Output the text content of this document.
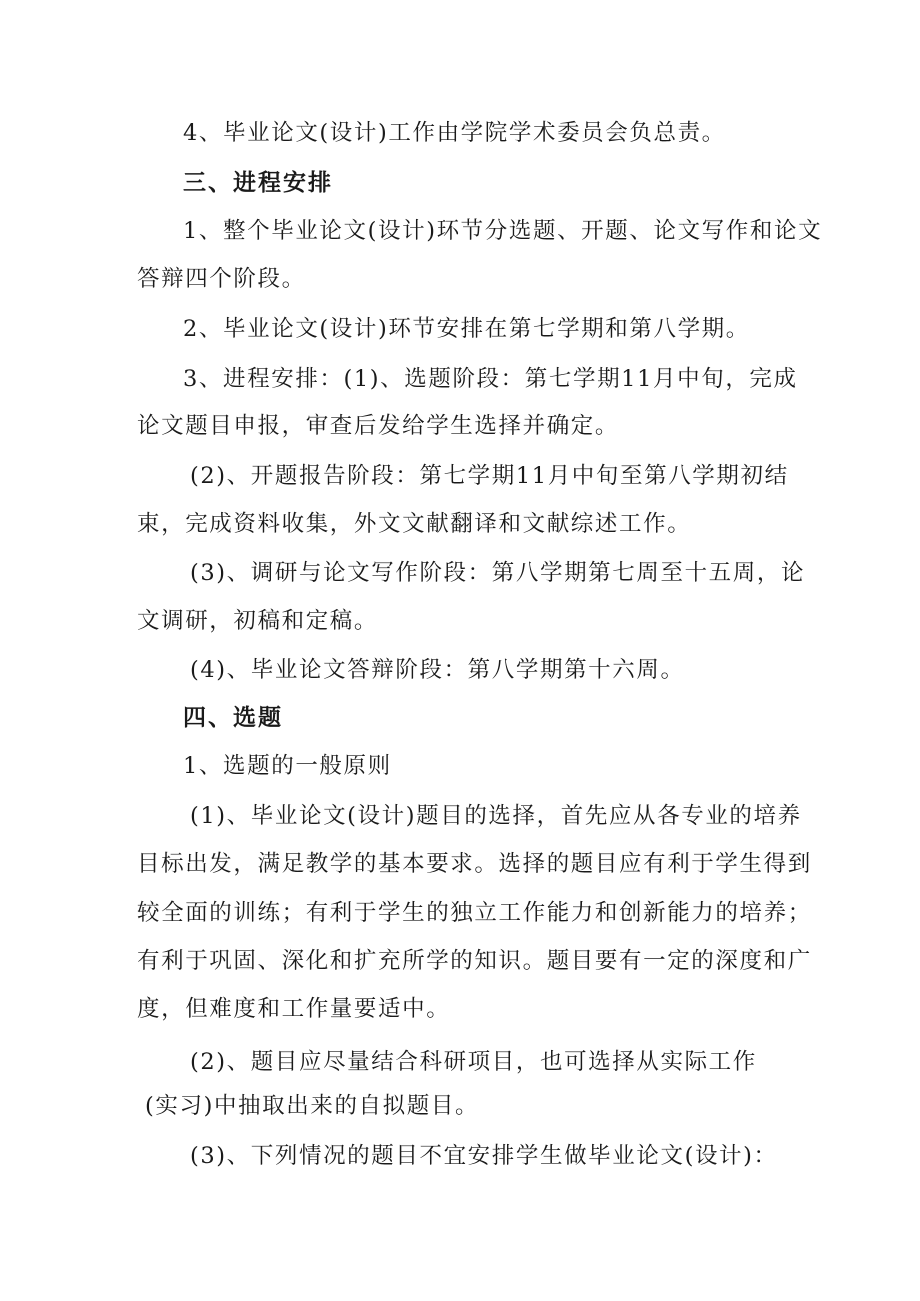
4、毕业论文(设计)工作由学院学术委员会负总责。
三、进程安排
1、整个毕业论文(设计)环节分选题、开题、论文写作和论文
答辩四个阶段。
2、毕业论文(设计)环节安排在第七学期和第八学期。
3、进程安排：(1)、选题阶段：第七学期11月中旬，完成
论文题目申报，审查后发给学生选择并确定。
(2)、开题报告阶段：第七学期11月中旬至第八学期初结
束，完成资料收集，外文文献翻译和文献综述工作。
(3)、调研与论文写作阶段：第八学期第七周至十五周，论
文调研，初稿和定稿。
(4)、毕业论文答辩阶段：第八学期第十六周。
四、选题
1、选题的一般原则
(1)、毕业论文(设计)题目的选择，首先应从各专业的培养
目标出发，满足教学的基本要求。选择的题目应有利于学生得到
较全面的训练；有利于学生的独立工作能力和创新能力的培养；
有利于巩固、深化和扩充所学的知识。题目要有一定的深度和广
度，但难度和工作量要适中。
(2)、题目应尽量结合科研项目，也可选择从实际工作
(实习)中抽取出来的自拟题目。
(3)、下列情况的题目不宜安排学生做毕业论文(设计)：
